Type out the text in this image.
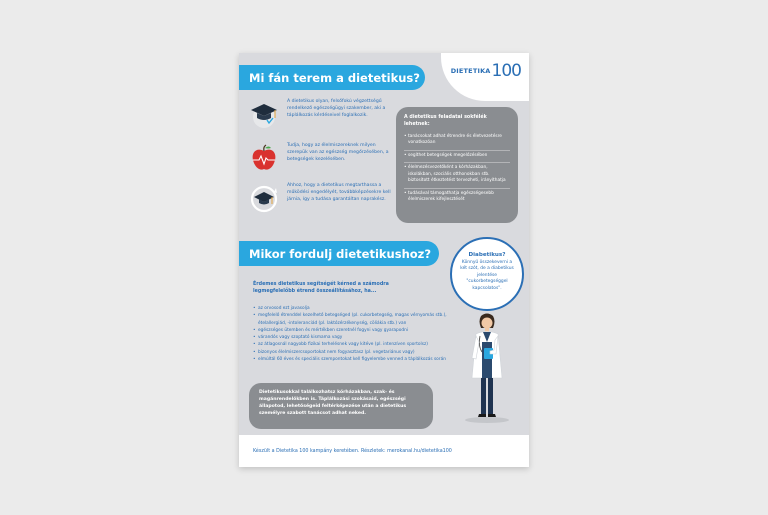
DIETETIKA 100
Mi fán terem a dietetikus?
A dietetikus olyan, felsőfokú végzettségű rendelkező egészségügyi szakember, aki a táplálkozás kérdéseivel foglalkozik.
Tudja, hogy az élelmiszereknek milyen szerepük van az egészség megőrzésében, a betegségek kezelésében.
Ahhoz, hogy a dietetikus megtarthassa a működési engedélyét, továbbképzésekre kell járnia, így a tudása garantáltan naprakész.
A dietetikus feladatai sokfélék lehetnek:
• tanácsokat adhat étrendre és életvezetésre vonatkozóan
• segíthet betegségek megelőzésében
• élelmezésvezetőként a kórházakban, iskolákban, szociális otthonokban stb. biztosított étkeztetést tervezheti, irányíthatja
• tudásával támogathatja egészségesebb élelmiszerek kifejlesztését
Mikor fordulj dietetikushoz?	Diabetikus?
Könnyű összekeverni a két szót, de a diabetikus jelentése "cukorbetegséggel kapcsolatos".
Érdemes dietetikus segítségét kérned a számodra legmegfelelőbb étrend összeállításához, ha...
• az orvosod ezt javasolja
• megfelelő étrenddel kezelhető betegséged (pl. cukorbetegség, magas vérnyomás stb.), ételallergiád, -intoleranciád (pl. laktózérzékenység, cöliákia stb.) van
• egészséges ütemben és mértékben szeretnél fogyni vagy gyarapodni
• várandós vagy szoptató kismama vagy
• az átlagosnál nagyobb fizikai terhelésnek vagy kitéve (pl. intenzíven sportolsz)
• bizonyos élelmiszercsoportokat nem fogyasztasz (pl. vegetariánus vagy)
• elmúltál 60 éves és speciális szempontokat kell figyelembe venned a táplálkozás során
Dietetikusokkal találkozhatsz kórházakban, szak- és magánrendelőkben is. Táplálkozási szokásaid, egészségi állapotod, lehetőségeid feltérképezése után a dietetikus személyre szabott tanácsot adhat neked.
Készült a Dietetika 100 kampány keretében. Részletek: merokanal.hu/dietetika100
